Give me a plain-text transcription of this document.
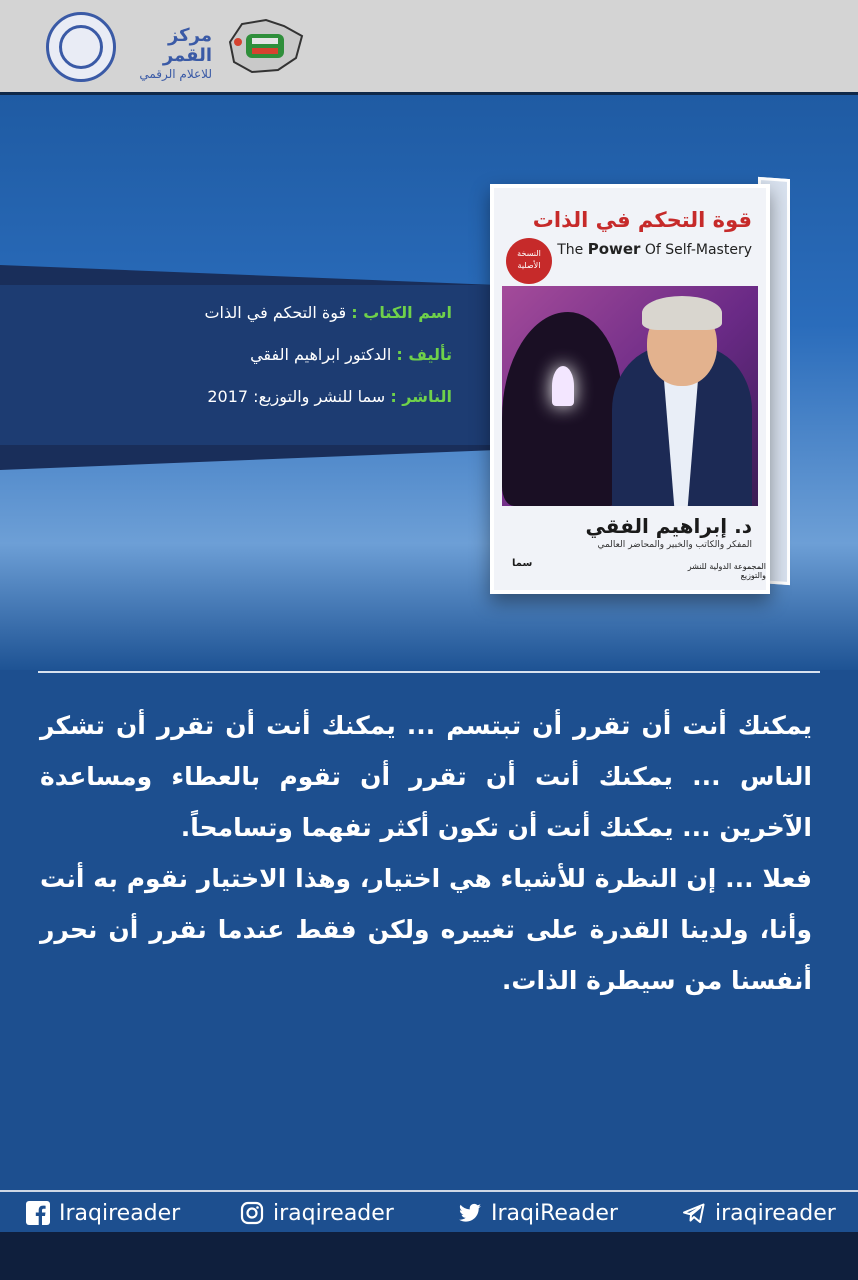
مركز القمر
للاعلام الرقمي
اسم الكتاب : قوة التحكم في الذات
تأليف : الدكتور ابراهيم الفقي
الناشر : سما للنشر والتوزيع: 2017
قوة التحكم في الذات
The Power Of Self-Mastery
النسخة الأصلية
د. إبراهيم الفقي
المفكر والكاتب والخبير والمحاضر العالمي
سما	المجموعة الدولية للنشر والتوزيع

يمكنك أنت أن تقرر أن تبتسم ... يمكنك أنت أن تقرر أن تشكر الناس ... يمكنك أنت أن تقرر أن تقوم بالعطاء ومساعدة الآخرين ... يمكنك أنت أن تكون أكثر تفهما وتسامحاً.

فعلا ... إن النظرة للأشياء هي اختيار، وهذا الاختيار نقوم به أنت وأنا، ولدينا القدرة على تغييره ولكن فقط عندما نقرر أن نحرر أنفسنا من سيطرة الذات.

Iraqireader	iraqireader	IraqiReader	iraqireader
